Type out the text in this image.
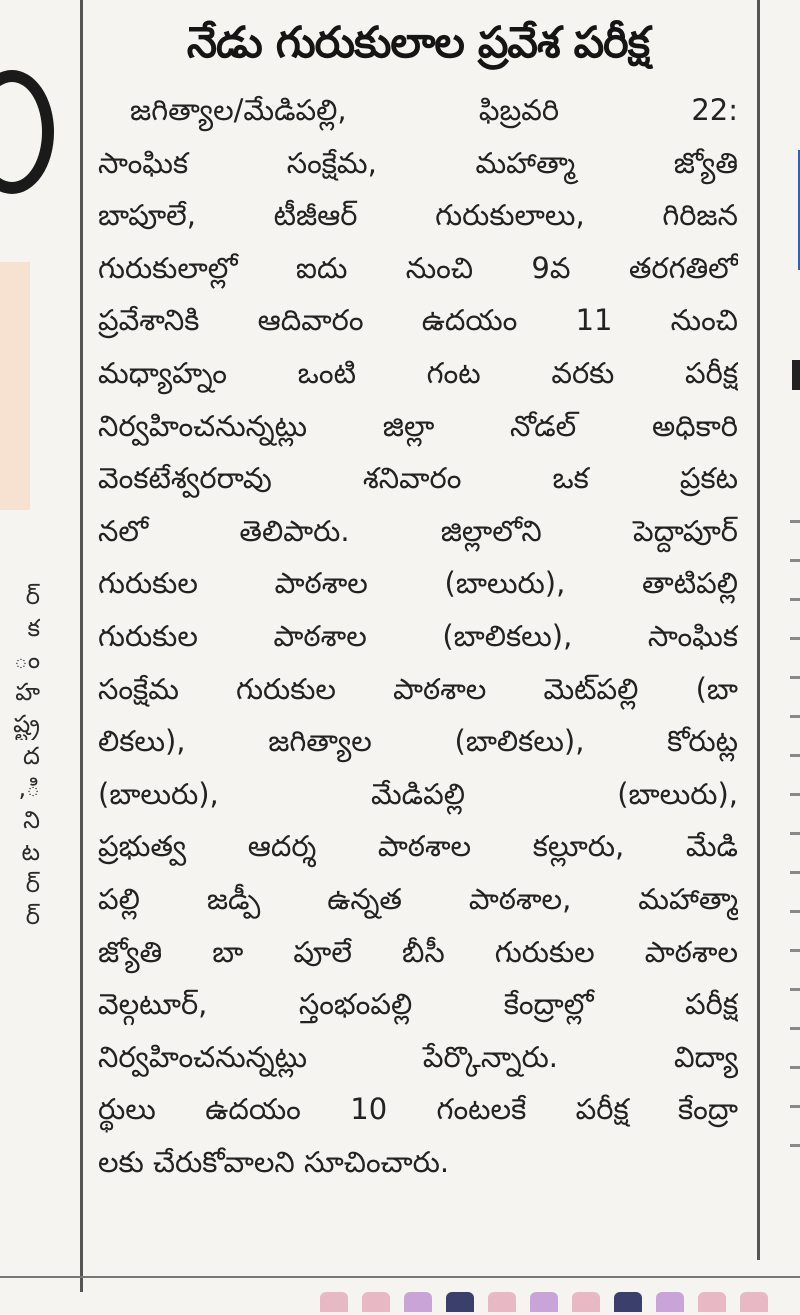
ర్
క
ం
హ
ష్ట్ర
ద
ి,
ని
ట
ర్
ర్
నేడు గురుకులాల ప్రవేశ పరీక్ష

జగిత్యాల/మేడిపల్లి, ఫిబ్రవరి 22:
సాంఘిక సంక్షేమ, మహాత్మా జ్యోతి
బాపూలే, టీజీఆర్ గురుకులాలు, గిరిజన
గురుకులాల్లో ఐదు నుంచి 9వ తరగతిలో
ప్రవేశానికి ఆదివారం ఉదయం 11 నుంచి
మధ్యాహ్నం ఒంటి గంట వరకు పరీక్ష
నిర్వహించనున్నట్లు జిల్లా నోడల్ అధికారి
వెంకటేశ్వరరావు శనివారం ఒక ప్రకట
నలో తెలిపారు. జిల్లాలోని పెద్దాపూర్
గురుకుల పాఠశాల (బాలురు), తాటిపల్లి
గురుకుల పాఠశాల (బాలికలు), సాంఘిక
సంక్షేమ గురుకుల పాఠశాల మెట్‌పల్లి (బా
లికలు), జగిత్యాల (బాలికలు), కోరుట్ల
(బాలురు), మేడిపల్లి (బాలురు),
ప్రభుత్వ ఆదర్శ పాఠశాల కల్లూరు, మేడి
పల్లి జడ్పీ ఉన్నత పాఠశాల, మహాత్మా
జ్యోతి బా పూలే బీసీ గురుకుల పాఠశాల
వెల్గటూర్, స్తంభంపల్లి కేంద్రాల్లో పరీక్ష
నిర్వహించనున్నట్లు పేర్కొన్నారు. విద్యా
ర్థులు ఉదయం 10 గంటలకే పరీక్ష కేంద్రా
లకు చేరుకోవాలని సూచించారు.
